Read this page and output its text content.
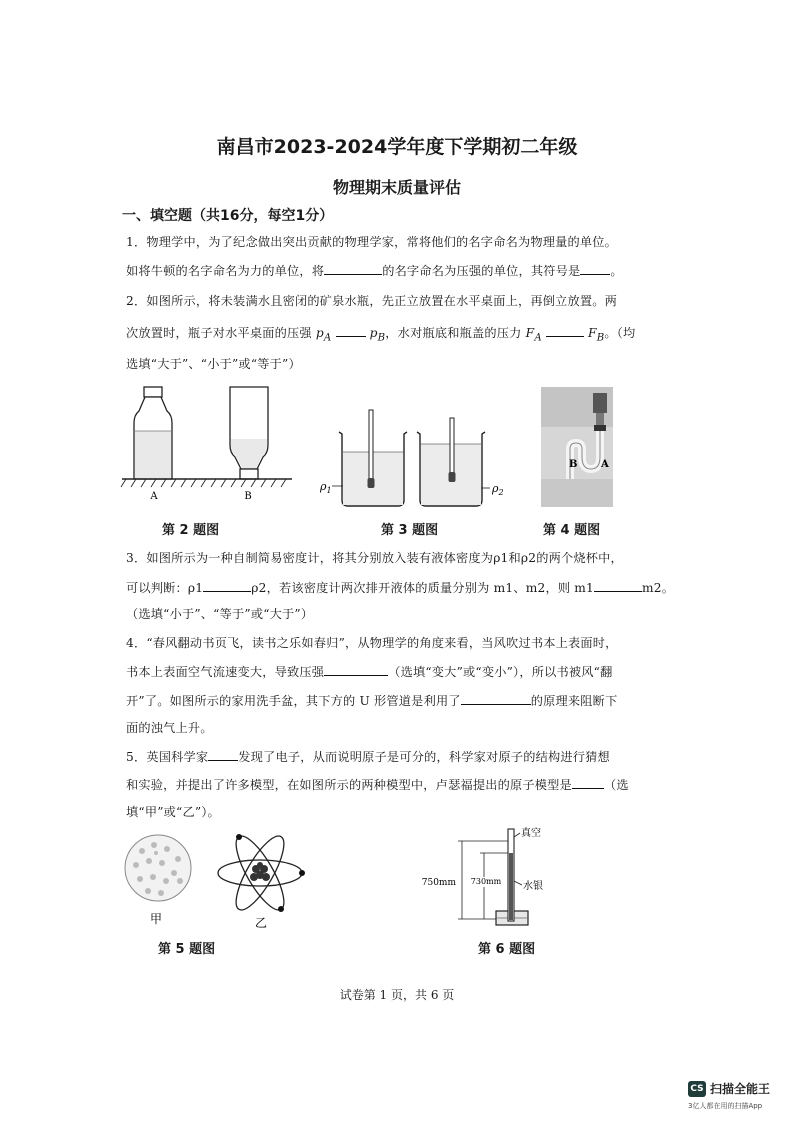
南昌市2023-2024学年度下学期初二年级
物理期末质量评估
一、填空题（共16分，每空1分）
1．物理学中，为了纪念做出突出贡献的物理学家，常将他们的名字命名为物理量的单位。
如将牛顿的名字命名为力的单位，将	的名字命名为压强的单位，其符号是 。
2．如图所示，将未装满水且密闭的矿泉水瓶，先正立放置在水平桌面上，再倒立放置。两
次放置时，瓶子对水平桌面的压强 $p_A$	$p_B$，水对瓶底和瓶盖的压力 $F_A$	$F_B$。（均
选填“大于”、“小于”或“等于”）
A	B
第 2 题图
$\rho_1$	$\rho_2$
第 3 题图
B A
第 4 题图
3．如图所示为一种自制简易密度计，将其分别放入装有液体密度为ρ1和ρ2的两个烧杯中，
可以判断：ρ1	ρ2，若该密度计两次排开液体的质量分别为 m1、m2，则 m1	m2。
（选填“小于”、“等于”或“大于”）
4．“春风翻动书页飞，读书之乐如春归”，从物理学的角度来看，当风吹过书本上表面时，
书本上表面空气流速变大，导致压强	（选填“变大”或“变小”），所以书被风“翻
开”了。如图所示的家用洗手盆，其下方的 U 形管道是利用了	的原理来阻断下
面的浊气上升。
5．英国科学家 发现了电子，从而说明原子是可分的，科学家对原子的结构进行猜想
和实验，并提出了许多模型，在如图所示的两种模型中，卢瑟福提出的原子模型是	（选
填“甲”或“乙”）。
甲	乙
第 5 题图
750mm 730mm
真空
水银
第 6 题图
试卷第 1 页，共 6 页
CS 扫描全能王
3亿人都在用的扫描App
